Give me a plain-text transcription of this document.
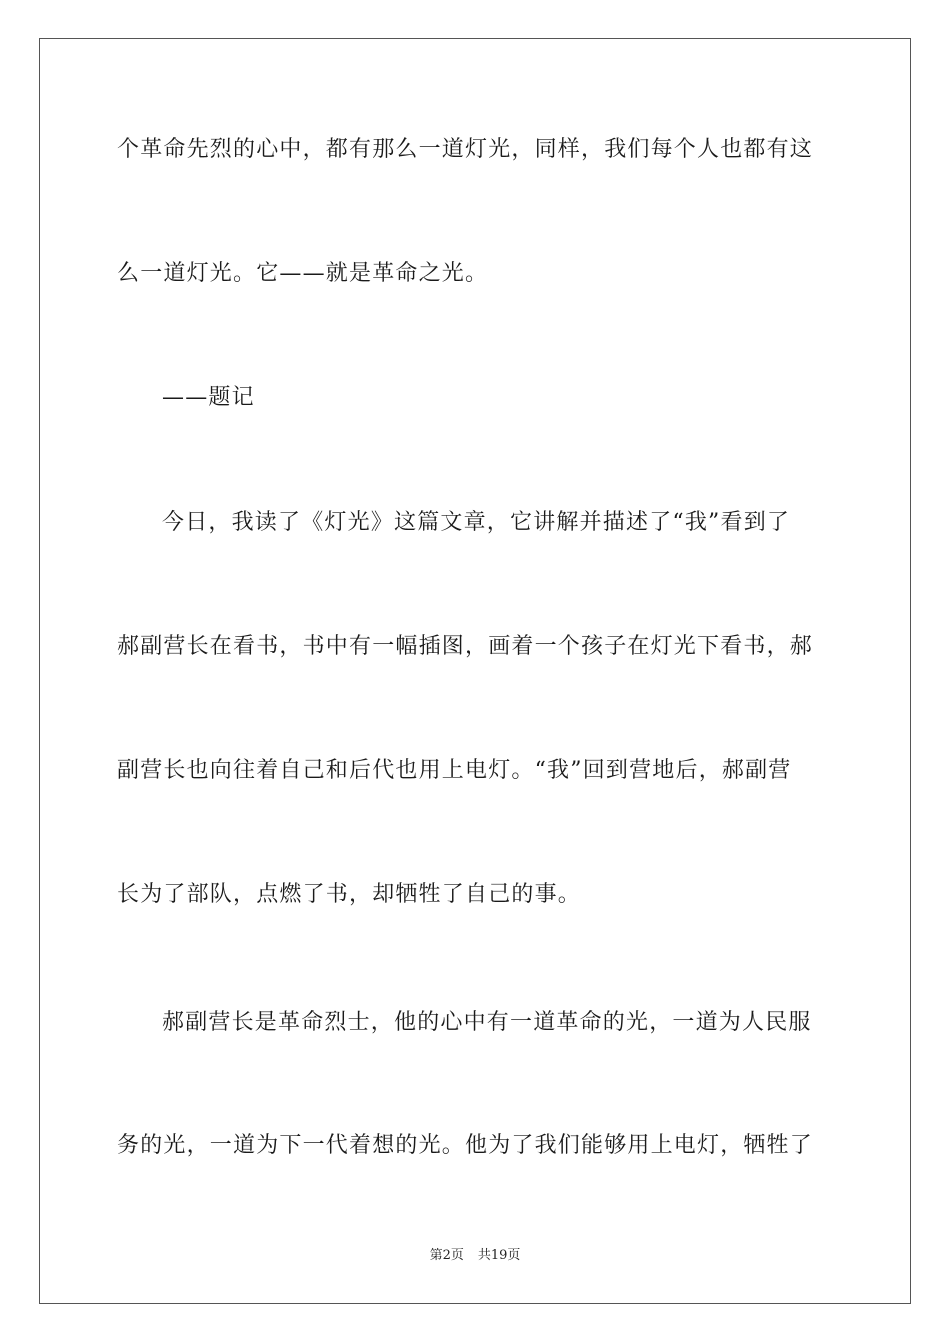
个革命先烈的心中，都有那么一道灯光，同样，我们每个人也都有这
么一道灯光。它——就是革命之光。
——题记
今日，我读了《灯光》这篇文章，它讲解并描述了“我”看到了
郝副营长在看书，书中有一幅插图，画着一个孩子在灯光下看书，郝
副营长也向往着自己和后代也用上电灯。“我”回到营地后，郝副营
长为了部队，点燃了书，却牺牲了自己的事。
郝副营长是革命烈士，他的心中有一道革命的光，一道为人民服
务的光，一道为下一代着想的光。他为了我们能够用上电灯，牺牲了
第2页 共19页
